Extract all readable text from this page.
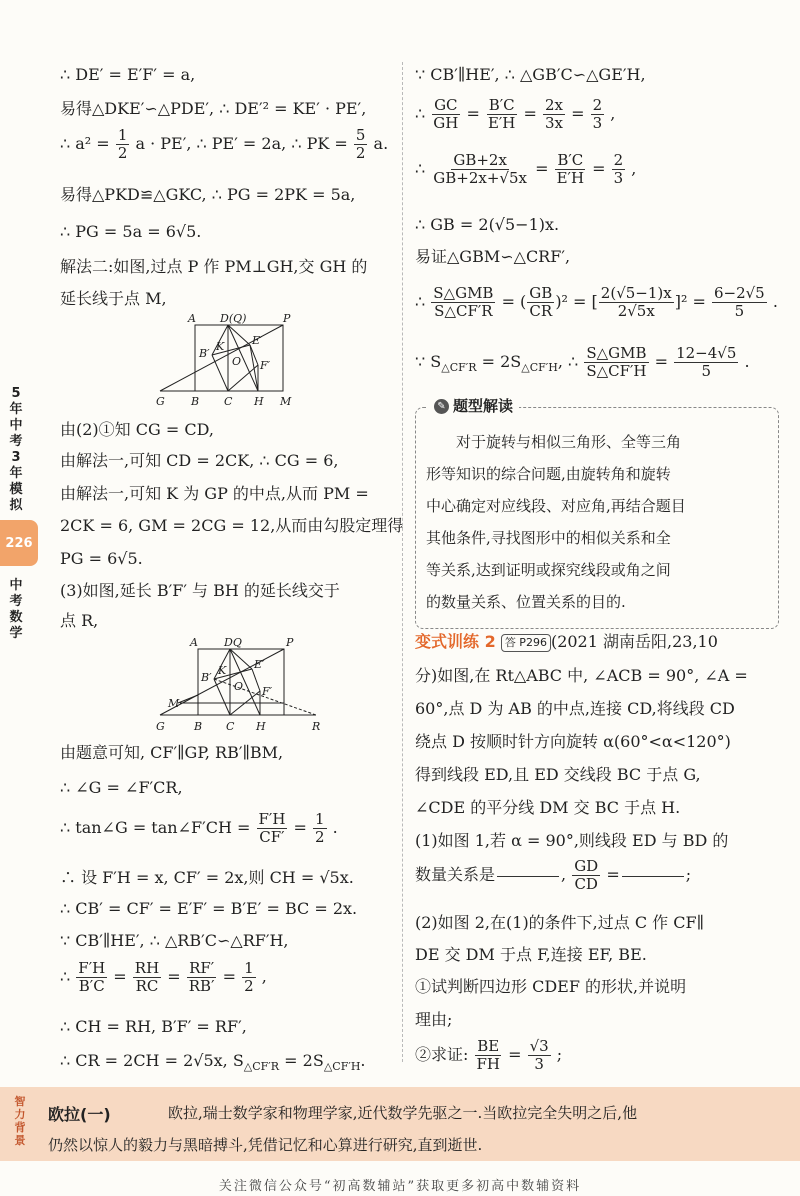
5年中考3年模拟
226
中考数学
∴ DE′ = E′F′ = a,
易得△DKE′∽△PDE′, ∴ DE′² = KE′ · PE′,
∴ $a^2 = \frac{1}{2}$ a · PE′, ∴ PE′ = 2a, ∴ PK = $\frac{5}{2} a$.
易得△PKD≌△GKC, ∴ PG = 2PK = 5a,
∴ PG = 5a = 6√5.
解法二:如图,过点 P 作 PM⊥GH,交 GH 的
延长线于点 M,
A D(Q)	P
B′
K	E′
O F′
G B C H M
由(2)①知 CG = CD,
由解法一,可知 CD = 2CK, ∴ CG = 6,
由解法一,可知 K 为 GP 的中点,从而 PM =
2CK = 6, GM = 2CG = 12,从而由勾股定理得
PG = 6√5.
(3)如图,延长 B′F′ 与 BH 的延长线交于
点 R,
A DQ	P
B′
K	E′
O F′
M
G	B C H	R
由题意可知, CF′∥GP, RB′∥BM,
∴ ∠G = ∠F′CR,
∴ tan∠G = tan∠F′CH = $\frac{F'H}{CF'} = \frac{1}{2}$ .
∴ 设 F′H = x, CF′ = 2x,则 CH = √5x.
∴ CB′ = CF′ = E′F′ = B′E′ = BC = 2x.
∵ CB′∥HE′, ∴ △RB′C∽△RF′H,
∴ $\frac{F'H}{B'C} = \frac{RH}{RC} = \frac{RF'}{RB'} = \frac{1}{2}$ ,
∴ CH = RH, B′F′ = RF′,
∴ CR = 2CH = 2√5x, $S_{\triangle CF'R} = 2S_{\triangle CF'H}$.
∵ CB′∥HE′, ∴ △GB′C∽△GE′H,
∴ $\frac{GC}{GH} = \frac{B'C}{E'H} = \frac{2x}{3x} = \frac{2}{3}$ ,
∴ $\frac{GB+2x}{GB+2x+√5x} = \frac{B'C}{E'H} = \frac{2}{3}$ ,
∴ GB = 2(√5−1)x.
易证△GBM∽△CRF′,
∴ $\frac{\text{S△GMB}}{S\triangle CF'R}$ = ( $\frac{GB}{CR} )^2$ = [ $\frac{2(√5-1)x}{2√5x} ]^2 = \frac{6-2√5}{5}$ .
∵ $S_{\triangle CF'R} = 2S_{\triangle CF'H}$, ∴ $\frac{\text{S△GMB}}{S\triangle CF'H} = \frac{12-4√5}{5}$ .
✎ 题型解读
对于旋转与相似三角形、全等三角
形等知识的综合问题,由旋转角和旋转
中心确定对应线段、对应角,再结合题目
其他条件,寻找图形中的相似关系和全
等关系,达到证明或探究线段或角之间
的数量关系、位置关系的目的.
变式训练 2 答 P296 (2021 湖南岳阳,23,10
分)如图,在 Rt△ABC 中, ∠ACB = 90°, ∠A =
60°,点 D 为 AB 的中点,连接 CD,将线段 CD
绕点 D 按顺时针方向旋转 α(60°<α<120°)
得到线段 ED,且 ED 交线段 BC 于点 G,
∠CDE 的平分线 DM 交 BC 于点 H.
(1)如图 1,若 α = 90°,则线段 ED 与 BD 的
数量关系是	, $\frac{GD}{CD}$ =	;
(2)如图 2,在(1)的条件下,过点 C 作 CF∥
DE 交 DM 于点 F,连接 EF, BE.
①试判断四边形 CDEF 的形状,并说明
理由;
②求证: $\frac{BE}{FH} = \frac{√3}{3}$ ;
智力背景
欧拉(一)	欧拉,瑞士数学家和物理学家,近代数学先驱之一.当欧拉完全失明之后,他
仍然以惊人的毅力与黑暗搏斗,凭借记忆和心算进行研究,直到逝世.
关注微信公众号“初高数辅站”获取更多初高中数辅资料
